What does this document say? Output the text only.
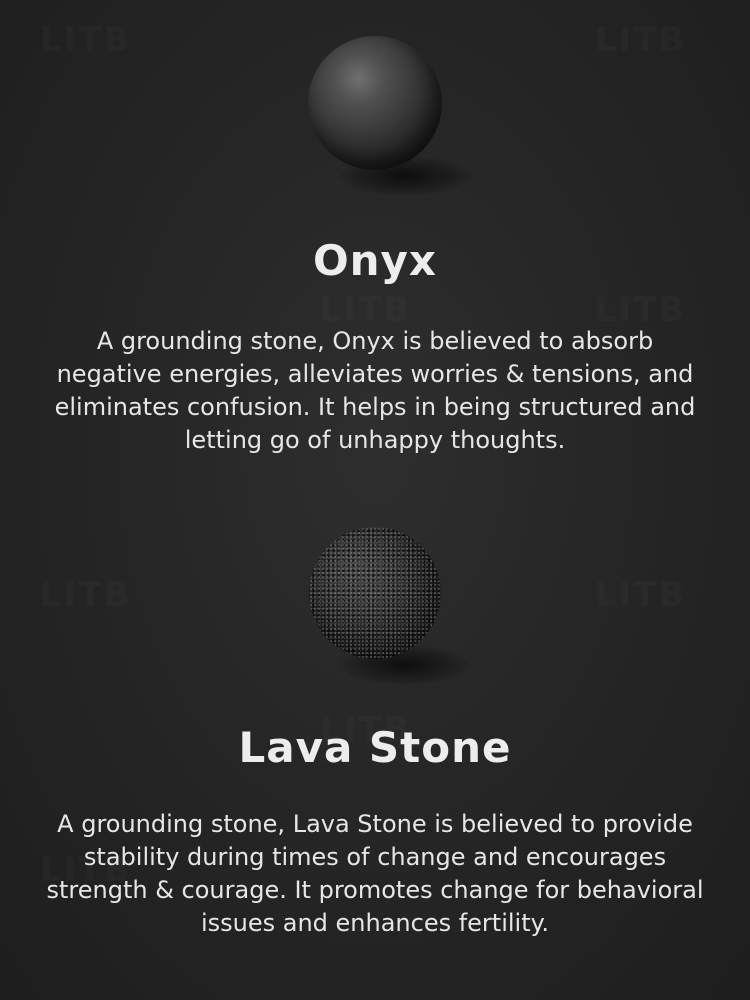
Onyx

A grounding stone, Onyx is believed to absorb negative energies, alleviates worries & tensions, and eliminates confusion. It helps in being structured and letting go of unhappy thoughts.

Lava Stone

A grounding stone, Lava Stone is believed to provide stability during times of change and encourages strength & courage. It promotes change for behavioral issues and enhances fertility.
